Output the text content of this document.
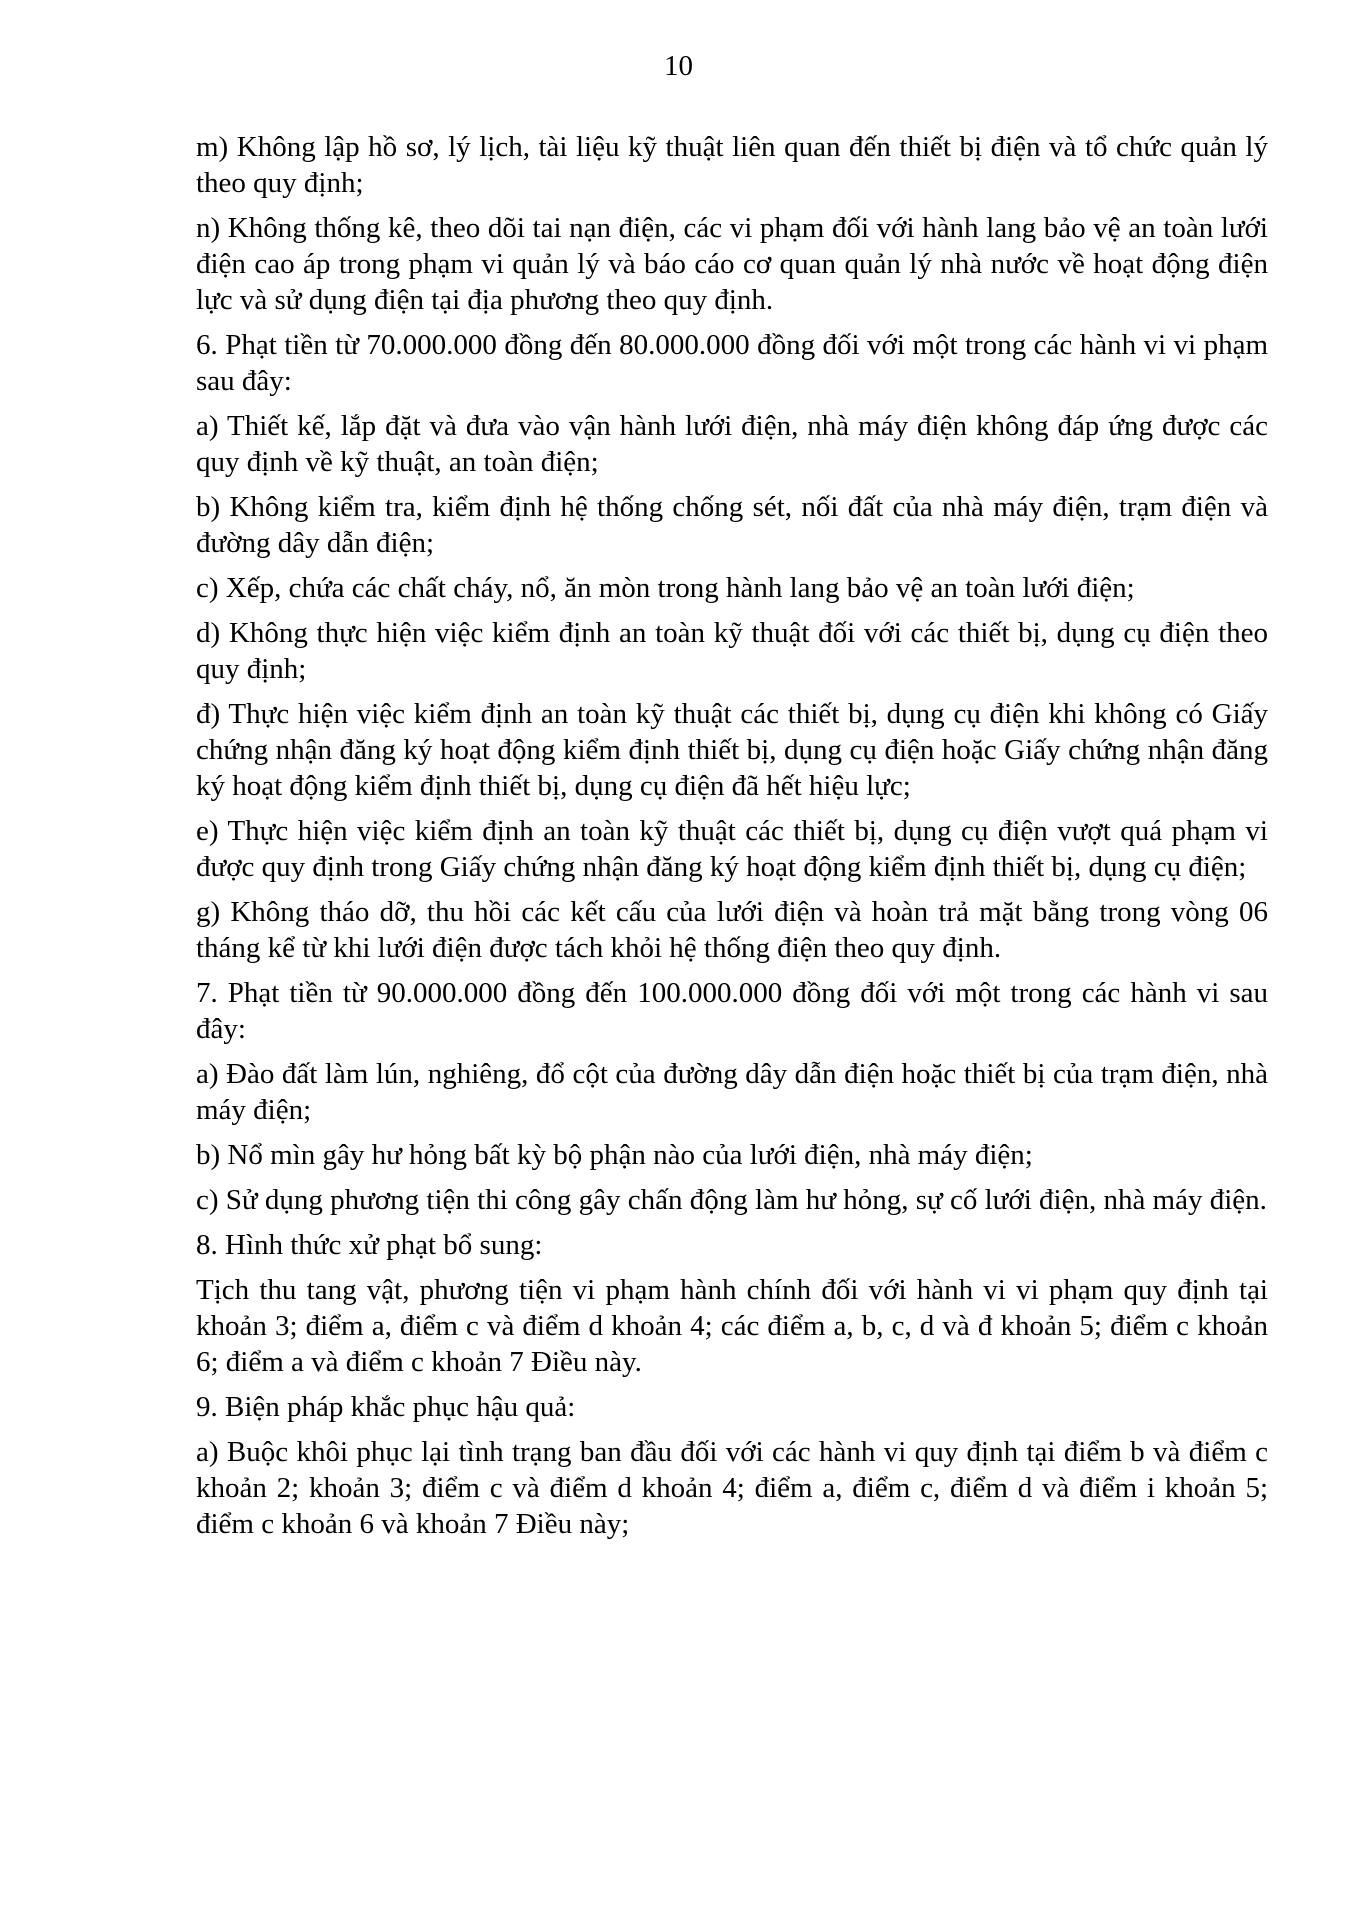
10

m) Không lập hồ sơ, lý lịch, tài liệu kỹ thuật liên quan đến thiết bị điện và tổ chức quản lý theo quy định;

n) Không thống kê, theo dõi tai nạn điện, các vi phạm đối với hành lang bảo vệ an toàn lưới điện cao áp trong phạm vi quản lý và báo cáo cơ quan quản lý nhà nước về hoạt động điện lực và sử dụng điện tại địa phương theo quy định.

6. Phạt tiền từ 70.000.000 đồng đến 80.000.000 đồng đối với một trong các hành vi vi phạm sau đây:

a) Thiết kế, lắp đặt và đưa vào vận hành lưới điện, nhà máy điện không đáp ứng được các quy định về kỹ thuật, an toàn điện;

b) Không kiểm tra, kiểm định hệ thống chống sét, nối đất của nhà máy điện, trạm điện và đường dây dẫn điện;

c) Xếp, chứa các chất cháy, nổ, ăn mòn trong hành lang bảo vệ an toàn lưới điện;

d) Không thực hiện việc kiểm định an toàn kỹ thuật đối với các thiết bị, dụng cụ điện theo quy định;

đ) Thực hiện việc kiểm định an toàn kỹ thuật các thiết bị, dụng cụ điện khi không có Giấy chứng nhận đăng ký hoạt động kiểm định thiết bị, dụng cụ điện hoặc Giấy chứng nhận đăng ký hoạt động kiểm định thiết bị, dụng cụ điện đã hết hiệu lực;

e) Thực hiện việc kiểm định an toàn kỹ thuật các thiết bị, dụng cụ điện vượt quá phạm vi được quy định trong Giấy chứng nhận đăng ký hoạt động kiểm định thiết bị, dụng cụ điện;

g) Không tháo dỡ, thu hồi các kết cấu của lưới điện và hoàn trả mặt bằng trong vòng 06 tháng kể từ khi lưới điện được tách khỏi hệ thống điện theo quy định.

7. Phạt tiền từ 90.000.000 đồng đến 100.000.000 đồng đối với một trong các hành vi sau đây:

a) Đào đất làm lún, nghiêng, đổ cột của đường dây dẫn điện hoặc thiết bị của trạm điện, nhà máy điện;

b) Nổ mìn gây hư hỏng bất kỳ bộ phận nào của lưới điện, nhà máy điện;

c) Sử dụng phương tiện thi công gây chấn động làm hư hỏng, sự cố lưới điện, nhà máy điện.

8. Hình thức xử phạt bổ sung:

Tịch thu tang vật, phương tiện vi phạm hành chính đối với hành vi vi phạm quy định tại khoản 3; điểm a, điểm c và điểm d khoản 4; các điểm a, b, c, d và đ khoản 5; điểm c khoản 6; điểm a và điểm c khoản 7 Điều này.

9. Biện pháp khắc phục hậu quả:

a) Buộc khôi phục lại tình trạng ban đầu đối với các hành vi quy định tại điểm b và điểm c khoản 2; khoản 3; điểm c và điểm d khoản 4; điểm a, điểm c, điểm d và điểm i khoản 5; điểm c khoản 6 và khoản 7 Điều này;
